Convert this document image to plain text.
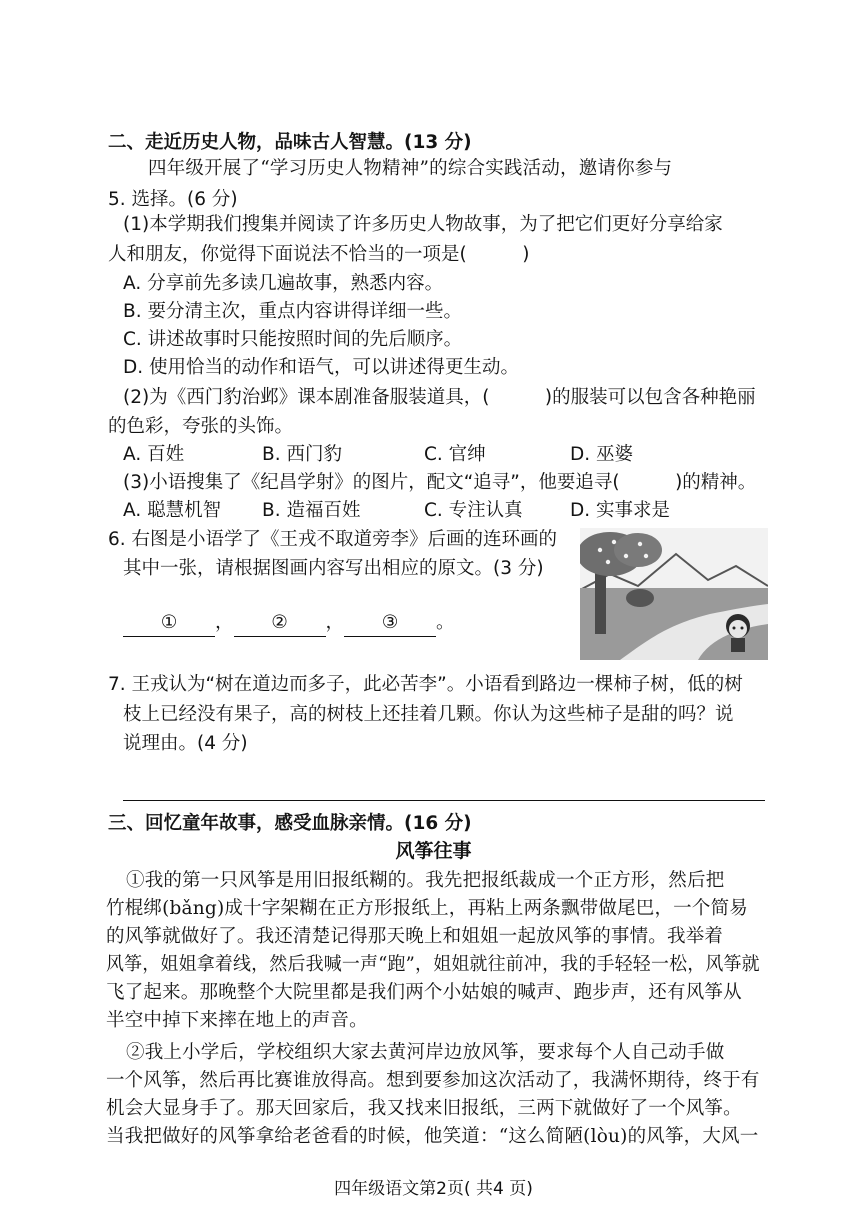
二、走近历史人物，品味古人智慧。(13 分)
四年级开展了“学习历史人物精神”的综合实践活动，邀请你参与
5. 选择。(6 分)
(1)本学期我们搜集并阅读了许多历史人物故事，为了把它们更好分享给家
人和朋友，你觉得下面说法不恰当的一项是(　　　)
A. 分享前先多读几遍故事，熟悉内容。
B. 要分清主次，重点内容讲得详细一些。
C. 讲述故事时只能按照时间的先后顺序。
D. 使用恰当的动作和语气，可以讲述得更生动。
(2)为《西门豹治邺》课本剧准备服装道具，(　　　)的服装可以包含各种艳丽
的色彩，夸张的头饰。
A. 百姓	B. 西门豹	C. 官绅	D. 巫婆
(3)小语搜集了《纪昌学射》的图片，配文“追寻”，他要追寻(　　　)的精神。
A. 聪慧机智 B. 造福百姓	C. 专注认真	D. 实事求是
6. 右图是小语学了《王戎不取道旁李》后画的连环画的
其中一张，请根据图画内容写出相应的原文。(3 分)
① ， ② ， ③ 。
7. 王戎认为“树在道边而多子，此必苦李”。小语看到路边一棵柿子树，低的树
枝上已经没有果子，高的树枝上还挂着几颗。你认为这些柿子是甜的吗？说
说理由。(4 分)
三、回忆童年故事，感受血脉亲情。(16 分)
风筝往事
①我的第一只风筝是用旧报纸糊的。我先把报纸裁成一个正方形，然后把
竹棍绑(bǎng)成十字架糊在正方形报纸上，再粘上两条飘带做尾巴，一个简易
的风筝就做好了。我还清楚记得那天晚上和姐姐一起放风筝的事情。我举着
风筝，姐姐拿着线，然后我喊一声“跑”，姐姐就往前冲，我的手轻轻一松，风筝就
飞了起来。那晚整个大院里都是我们两个小姑娘的喊声、跑步声，还有风筝从
半空中掉下来摔在地上的声音。
②我上小学后，学校组织大家去黄河岸边放风筝，要求每个人自己动手做
一个风筝，然后再比赛谁放得高。想到要参加这次活动了，我满怀期待，终于有
机会大显身手了。那天回家后，我又找来旧报纸，三两下就做好了一个风筝。
当我把做好的风筝拿给老爸看的时候，他笑道：“这么简陋(lòu)的风筝，大风一
四年级语文第2页( 共4 页)
